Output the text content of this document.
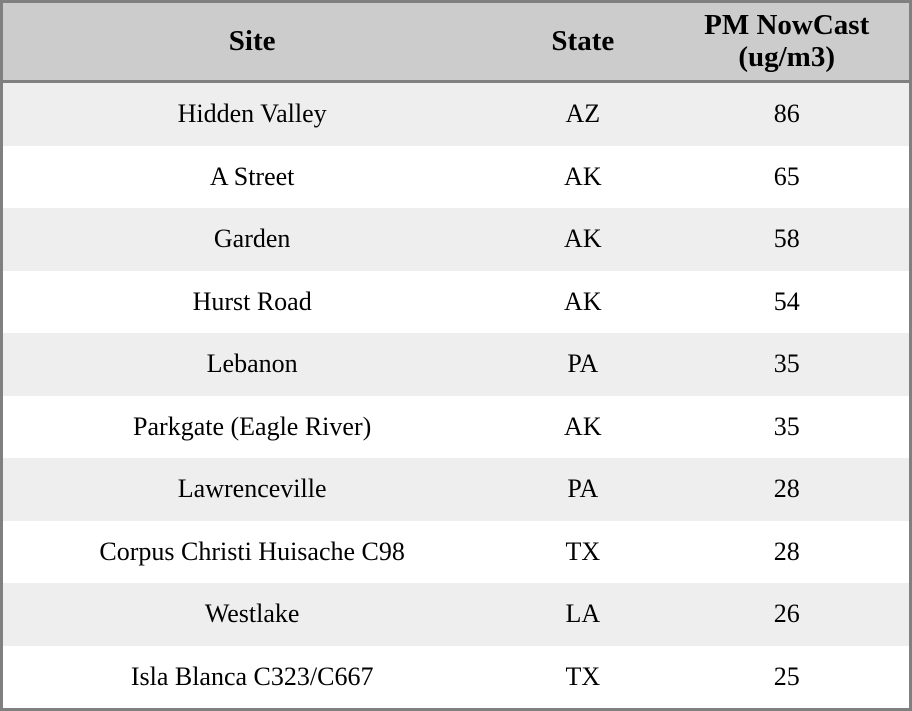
Site	State	PM NowCast (ug/m3)
Hidden Valley	AZ	86
A Street	AK	65
Garden	AK	58
Hurst Road	AK	54
Lebanon	PA	35
Parkgate (Eagle River)	AK	35
Lawrenceville	PA	28
Corpus Christi Huisache C98	TX	28
Westlake	LA	26
Isla Blanca C323/C667	TX	25
